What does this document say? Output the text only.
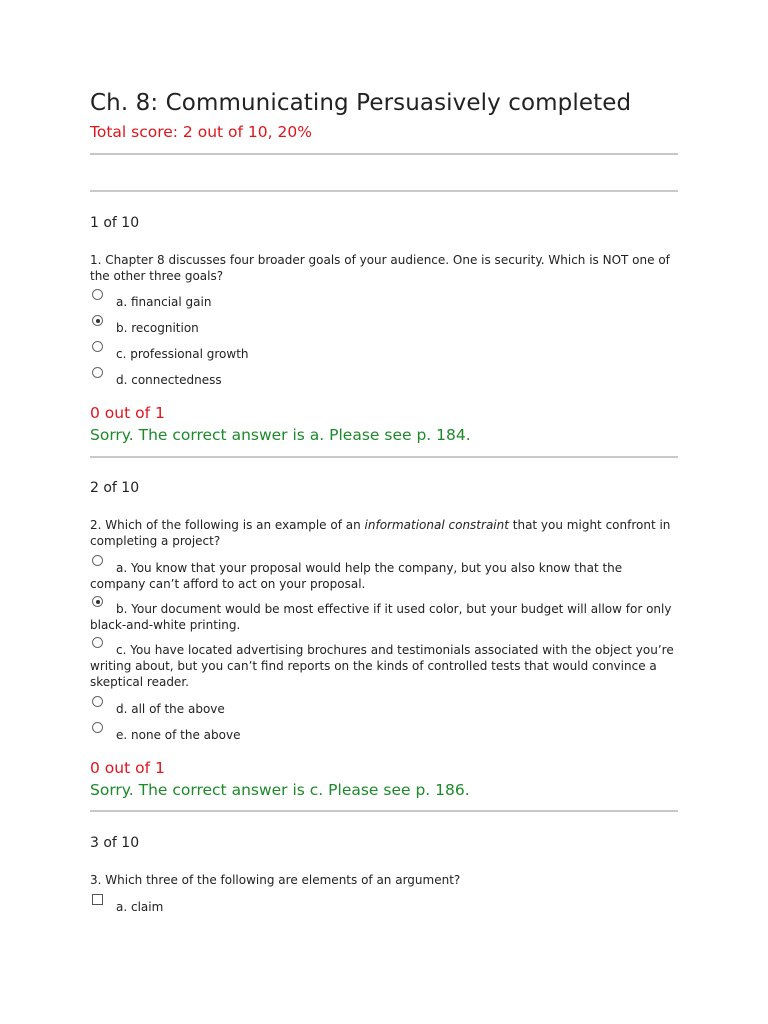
Ch. 8: Communicating Persuasively completed
Total score: 2 out of 10, 20%
1 of 10
1. Chapter 8 discusses four broader goals of your audience. One is security. Which is NOT one of the other three goals?
a. financial gain
b. recognition
c. professional growth
d. connectedness
0 out of 1
Sorry. The correct answer is a. Please see p. 184.
2 of 10
2. Which of the following is an example of an informational constraint that you might confront in completing a project?
a. You know that your proposal would help the company, but you also know that the company can’t afford to act on your proposal.
b. Your document would be most effective if it used color, but your budget will allow for only black-and-white printing.
c. You have located advertising brochures and testimonials associated with the object you’re writing about, but you can’t find reports on the kinds of controlled tests that would convince a skeptical reader.
d. all of the above
e. none of the above
0 out of 1
Sorry. The correct answer is c. Please see p. 186.
3 of 10
3. Which three of the following are elements of an argument?
a. claim
